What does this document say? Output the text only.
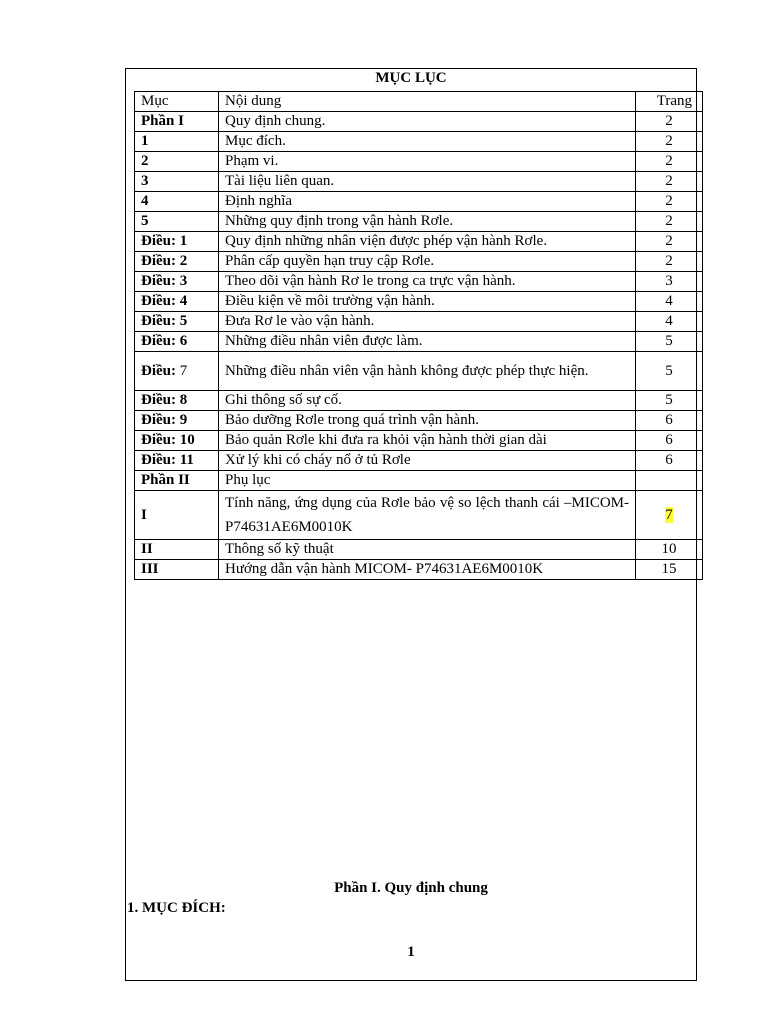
MỤC LỤC
Mục	Nội dung	Trang
Phần I	Quy định chung.	2
1	Mục đích.	2
2	Phạm vi.	2
3	Tài liệu liên quan.	2
4	Định nghĩa	2
5	Những quy định trong vận hành Rơle.	2
Điều: 1	Quy định những nhân viện được phép vận hành Rơle.	2
Điều: 2	Phân cấp quyền hạn truy cập Rơle.	2
Điều: 3	Theo dõi vận hành Rơ le trong ca trực vận hành.	3
Điều: 4	Điều kiện về môi trường vận hành.	4
Điều: 5	Đưa Rơ le vào vận hành.	4
Điều: 6	Những điều nhân viên được làm.	5
Điều: 7	Những điều nhân viên vận hành không được phép thực hiện.	5
Điều: 8	Ghi thông số sự cố.	5
Điều: 9	Bảo dưỡng Rơle trong quá trình vận hành.	6
Điều: 10	Bảo quản Rơle khi đưa ra khỏi vận hành thời gian dài	6
Điều: 11	Xử lý khi có cháy nổ ở tủ Rơle	6
Phần II	Phụ lục	
I	Tính năng, ứng dụng của Rơle bảo vệ so lệch thanh cái –MICOM- P74631AE6M0010K	7
II	Thông số kỹ thuật	10
III	Hướng dẫn vận hành MICOM- P74631AE6M0010K	15
Phần I. Quy định chung
1. MỤC ĐÍCH:
1
